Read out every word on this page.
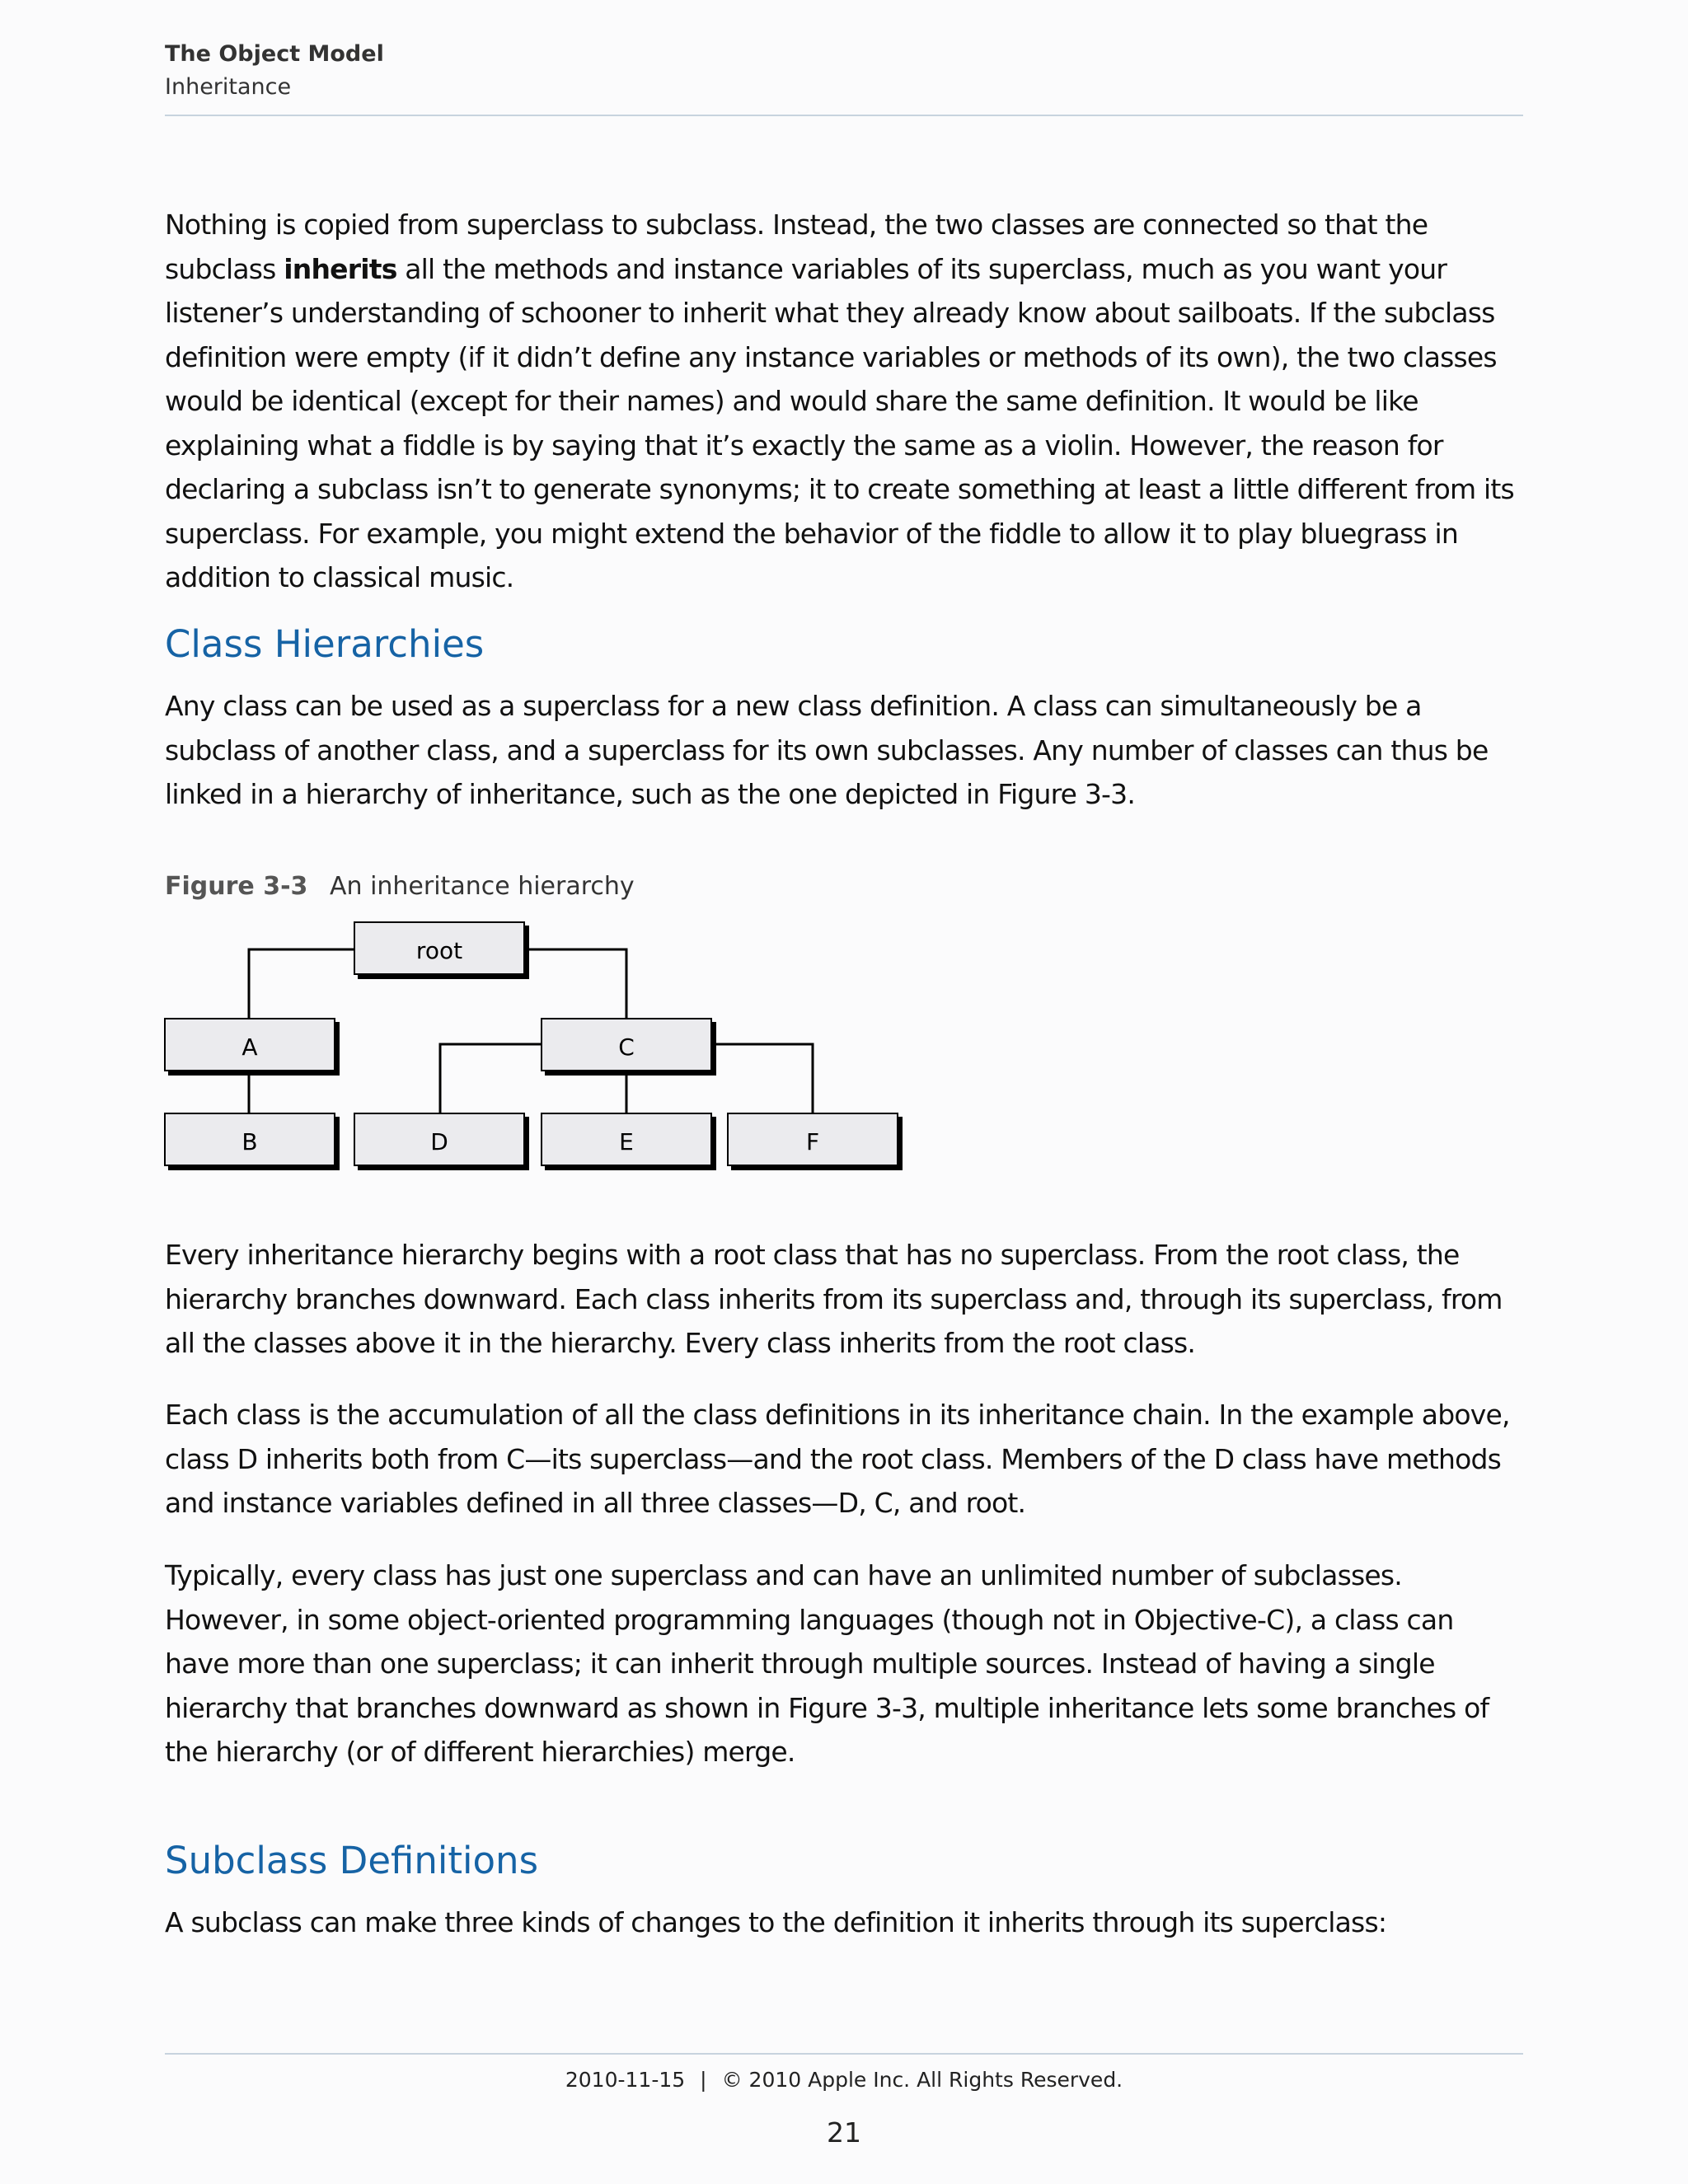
The Object Model
Inheritance

Nothing is copied from superclass to subclass. Instead, the two classes are connected so that the subclass inherits all the methods and instance variables of its superclass, much as you want your listener’s understanding of schooner to inherit what they already know about sailboats. If the subclass definition were empty (if it didn’t define any instance variables or methods of its own), the two classes would be identical (except for their names) and would share the same definition. It would be like explaining what a fiddle is by saying that it’s exactly the same as a violin. However, the reason for declaring a subclass isn’t to generate synonyms; it to create something at least a little different from its superclass. For example, you might extend the behavior of the fiddle to allow it to play bluegrass in addition to classical music.

Class Hierarchies

Any class can be used as a superclass for a new class definition. A class can simultaneously be a subclass of another class, and a superclass for its own subclasses. Any number of classes can thus be linked in a hierarchy of inheritance, such as the one depicted in Figure 3-3.

Figure 3-3 An inheritance hierarchy
root
A	C
B	D	E	F

Every inheritance hierarchy begins with a root class that has no superclass. From the root class, the hierarchy branches downward. Each class inherits from its superclass and, through its superclass, from all the classes above it in the hierarchy. Every class inherits from the root class.

Each class is the accumulation of all the class definitions in its inheritance chain. In the example above, class D inherits both from C—its superclass—and the root class. Members of the D class have methods and instance variables defined in all three classes—D, C, and root.

Typically, every class has just one superclass and can have an unlimited number of subclasses. However, in some object-oriented programming languages (though not in Objective-C), a class can have more than one superclass; it can inherit through multiple sources. Instead of having a single hierarchy that branches downward as shown in Figure 3-3, multiple inheritance lets some branches of the hierarchy (or of different hierarchies) merge.

Subclass Definitions

A subclass can make three kinds of changes to the definition it inherits through its superclass:

2010-11-15 | © 2010 Apple Inc. All Rights Reserved.
21
